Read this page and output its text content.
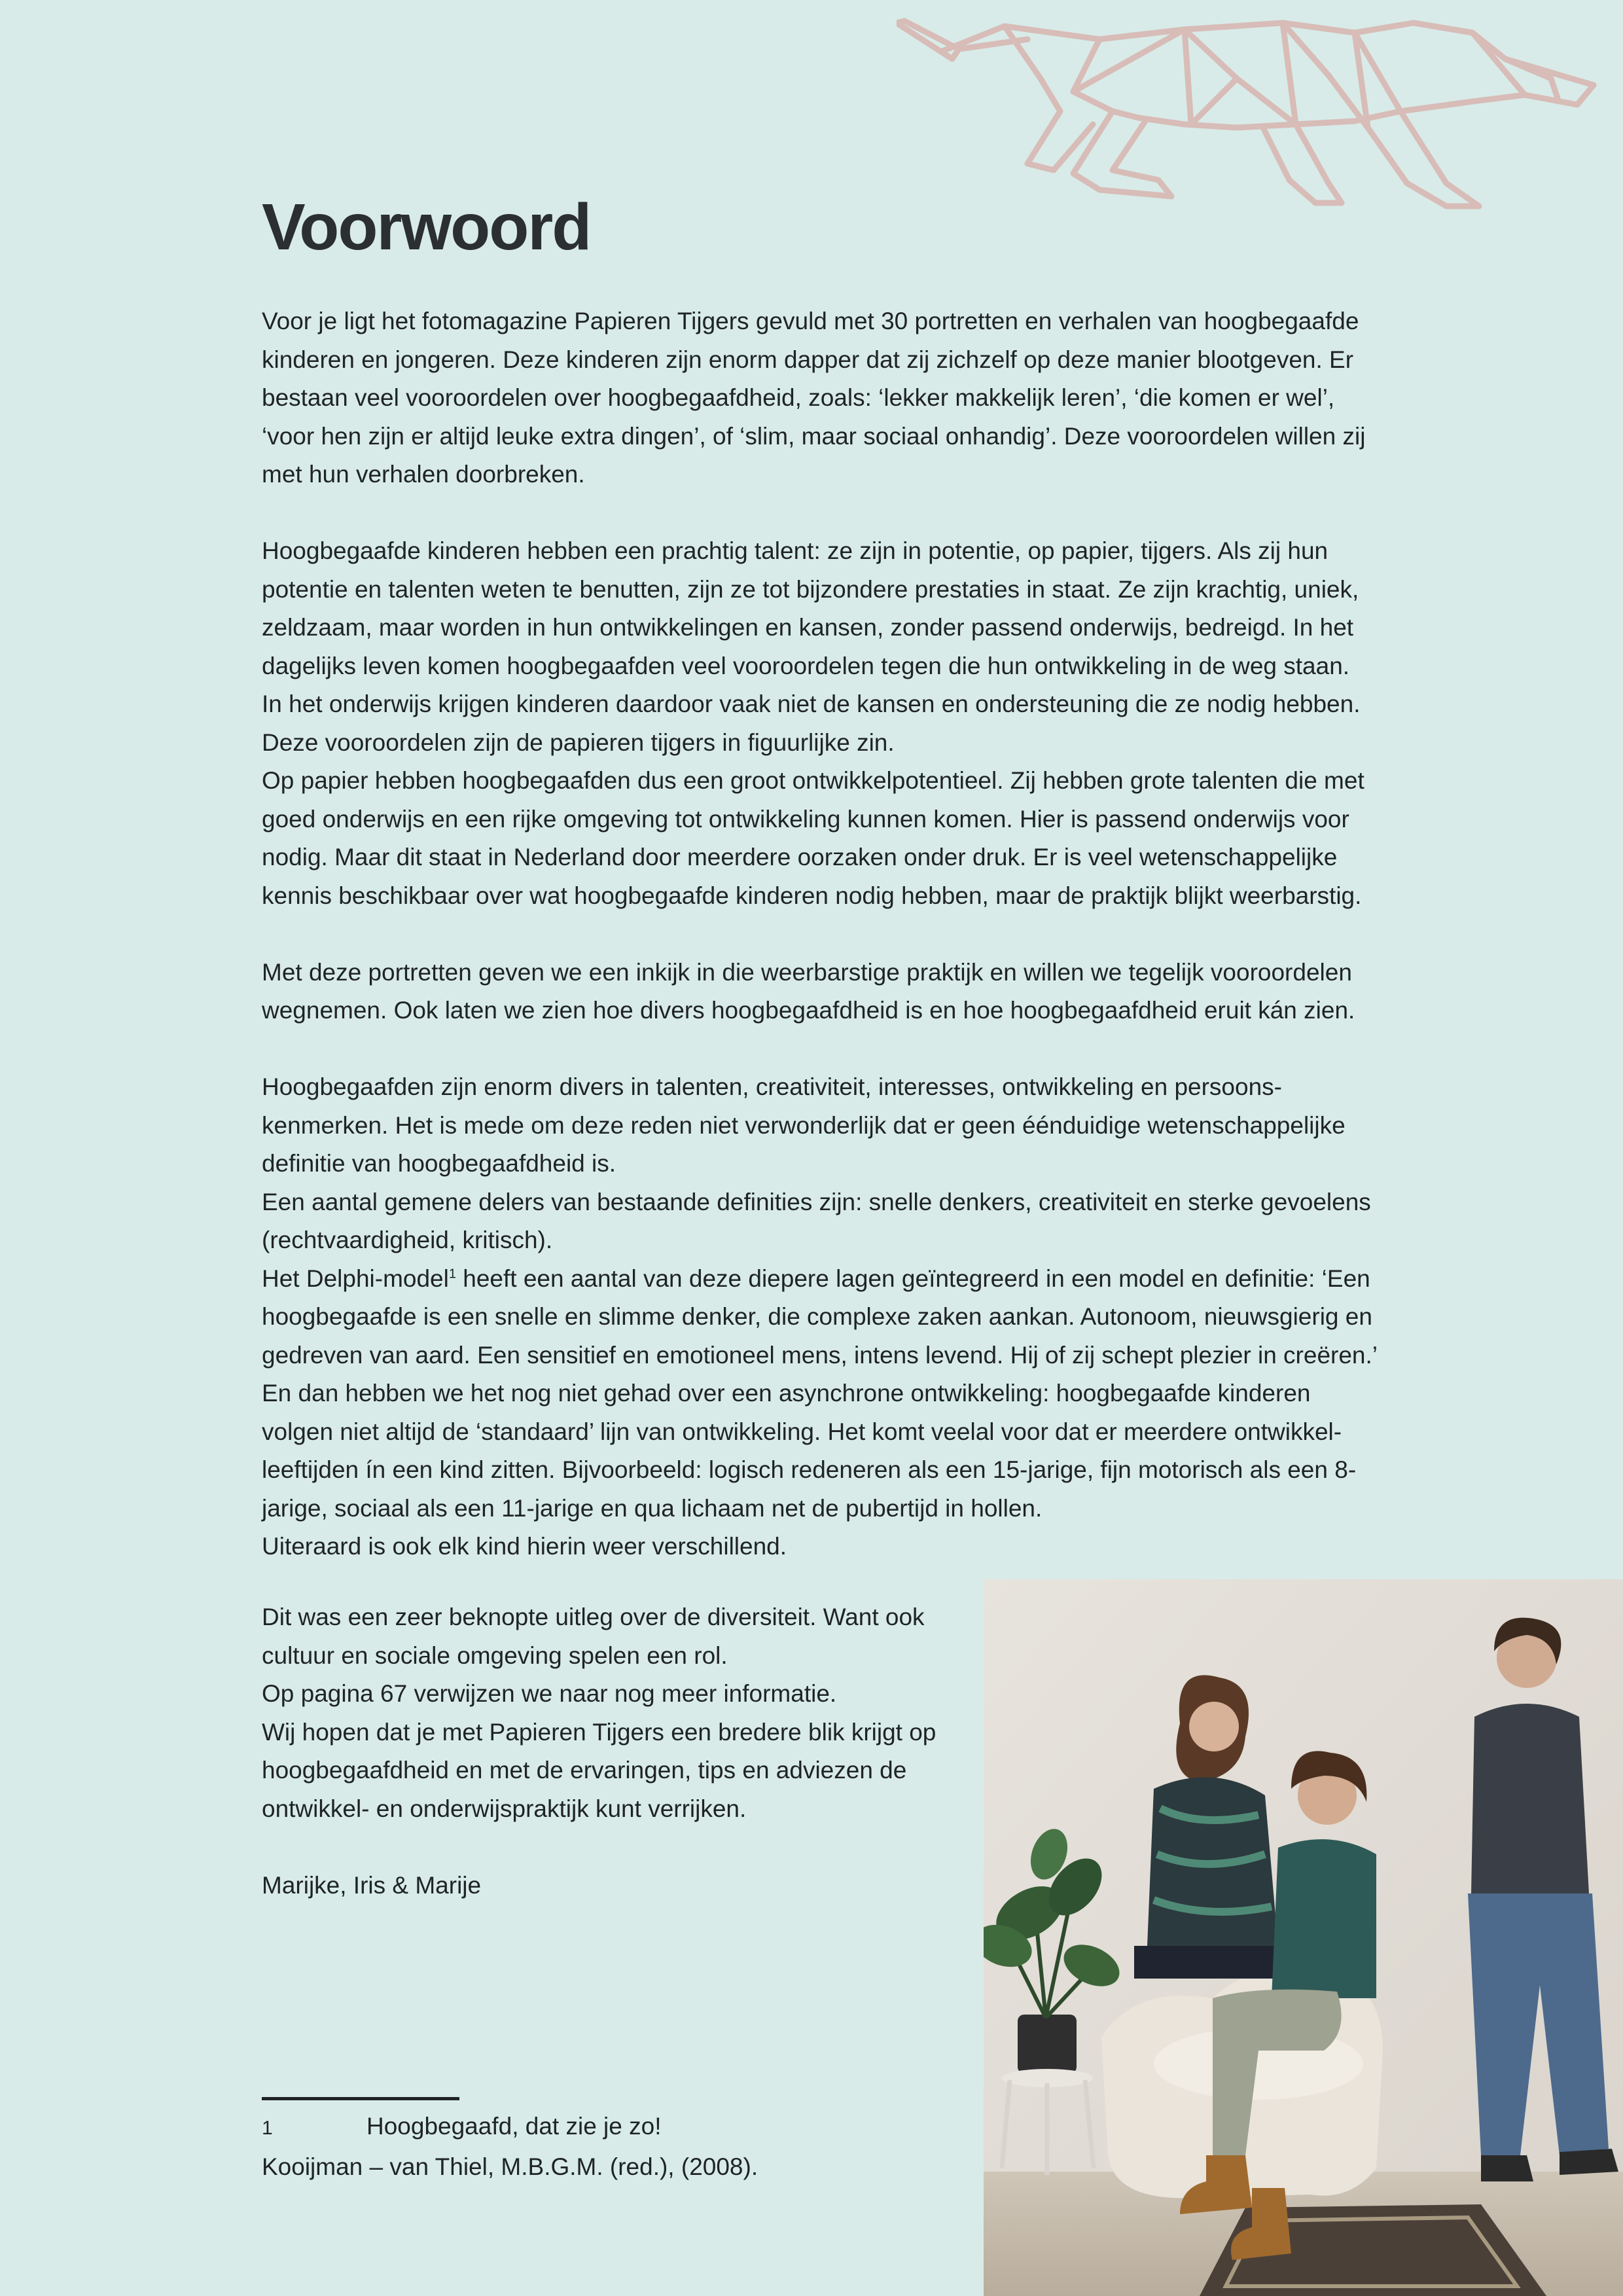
Voorwoord

Voor je ligt het fotomagazine Papieren Tijgers gevuld met 30 portretten en verhalen van hoogbegaafde kinderen en jongeren. Deze kinderen zijn enorm dapper dat zij zichzelf op deze manier blootgeven. Er bestaan veel vooroordelen over hoogbegaafdheid, zoals: ‘lekker makkelijk leren’, ‘die komen er wel’, ‘voor hen zijn er altijd leuke extra dingen’, of ‘slim, maar sociaal onhandig’. Deze vooroordelen willen zij met hun verhalen doorbreken.

Hoogbegaafde kinderen hebben een prachtig talent: ze zijn in potentie, op papier, tijgers. Als zij hun potentie en talenten weten te benutten, zijn ze tot bijzondere prestaties in staat. Ze zijn krachtig, uniek, zeldzaam, maar worden in hun ontwikkelingen en kansen, zonder passend onderwijs, bedreigd. In het dagelijks leven komen hoogbegaafden veel vooroordelen tegen die hun ontwikkeling in de weg staan.

In het onderwijs krijgen kinderen daardoor vaak niet de kansen en ondersteuning die ze nodig hebben.

Deze vooroordelen zijn de papieren tijgers in figuurlijke zin.

Op papier hebben hoogbegaafden dus een groot ontwikkelpotentieel. Zij hebben grote talenten die met goed onderwijs en een rijke omgeving tot ontwikkeling kunnen komen. Hier is passend onderwijs voor nodig. Maar dit staat in Nederland door meerdere oorzaken onder druk. Er is veel wetenschappelijke kennis beschikbaar over wat hoogbegaafde kinderen nodig hebben, maar de praktijk blijkt weerbarstig.

Met deze portretten geven we een inkijk in die weerbarstige praktijk en willen we tegelijk vooroordelen wegnemen. Ook laten we zien hoe divers hoogbegaafdheid is en hoe hoogbegaafdheid eruit kán zien.

Hoogbegaafden zijn enorm divers in talenten, creativiteit, interesses, ontwikkeling en persoonskenmerken. Het is mede om deze reden niet verwonderlijk dat er geen éénduidige wetenschappelijke definitie van hoogbegaafdheid is.

Een aantal gemene delers van bestaande definities zijn: snelle denkers, creativiteit en sterke gevoelens (rechtvaardigheid, kritisch).

Het Delphi-model$^1$ heeft een aantal van deze diepere lagen geïntegreerd in een model en definitie: ‘Een hoogbegaafde is een snelle en slimme denker, die complexe zaken aankan. Autonoom, nieuwsgierig en gedreven van aard. Een sensitief en emotioneel mens, intens levend. Hij of zij schept plezier in creëren.’

En dan hebben we het nog niet gehad over een asynchrone ontwikkeling: hoogbegaafde kinderen volgen niet altijd de ‘standaard’ lijn van ontwikkeling. Het komt veelal voor dat er meerdere ontwikkelleeftijden ín een kind zitten. Bijvoorbeeld: logisch redeneren als een 15-jarige, fijn motorisch als een 8-jarige, sociaal als een 11-jarige en qua lichaam net de pubertijd in hollen.

Uiteraard is ook elk kind hierin weer verschillend.

Dit was een zeer beknopte uitleg over de diversiteit. Want ook cultuur en sociale omgeving spelen een rol.

Op pagina 67 verwijzen we naar nog meer informatie.

Wij hopen dat je met Papieren Tijgers een bredere blik krijgt op hoogbegaafdheid en met de ervaringen, tips en adviezen de ontwikkel- en onderwijspraktijk kunt verrijken.

Marijke, Iris & Marije

1	Hoogbegaafd, dat zie je zo!
Kooijman – van Thiel, M.B.G.M. (red.), (2008).
